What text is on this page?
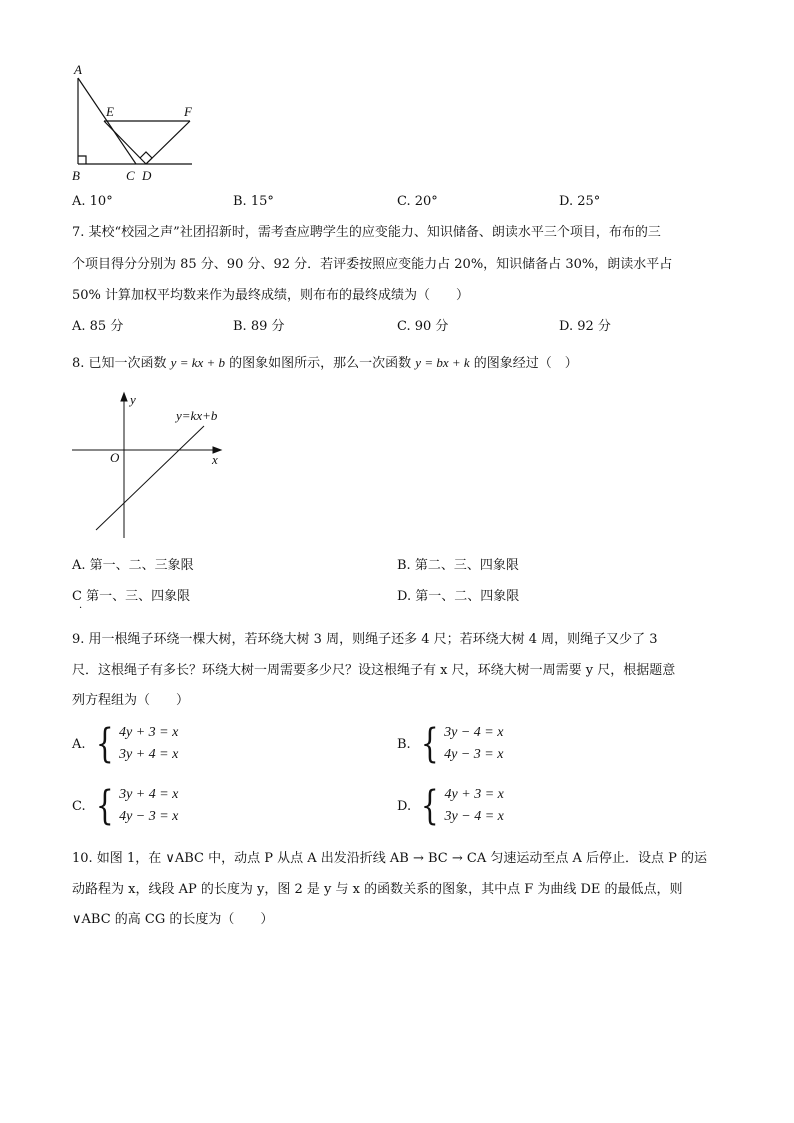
A
B	C D
E	F
A. 10°	B. 15°	C. 20°	D. 25°
7. 某校“校园之声”社团招新时，需考查应聘学生的应变能力、知识储备、朗读水平三个项目，布布的三
个项目得分分别为 85 分、90 分、92 分．若评委按照应变能力占 20%，知识储备占 30%，朗读水平占
50% 计算加权平均数来作为最终成绩，则布布的最终成绩为（　　）
A. 85 分	B. 89 分	C. 90 分	D. 92 分
8. 已知一次函数 y = kx + b 的图象如图所示，那么一次函数 y = bx + k 的图象经过（　）
y
x
O
y=kx+b
A. 第一、二、三象限	B. 第二、三、四象限
C 第一、三、四象限
·
D. 第一、二、四象限
9. 用一根绳子环绕一棵大树，若环绕大树 3 周，则绳子还多 4 尺；若环绕大树 4 周，则绳子又少了 3
尺．这根绳子有多长？环绕大树一周需要多少尺？设这根绳子有 x 尺，环绕大树一周需要 y 尺，根据题意
列方程组为（　　）
A. { 4y + 3 = x
3y + 4 = x
B. { 3y − 4 = x
4y − 3 = x
C. { 3y + 4 = x
4y − 3 = x
D. { 4y + 3 = x
3y − 4 = x
10. 如图 1，在 ∨ABC 中，动点 P 从点 A 出发沿折线 AB → BC → CA 匀速运动至点 A 后停止．设点 P 的运
动路程为 x，线段 AP 的长度为 y，图 2 是 y 与 x 的函数关系的图象，其中点 F 为曲线 DE 的最低点，则
∨ABC 的高 CG 的长度为（　　）
